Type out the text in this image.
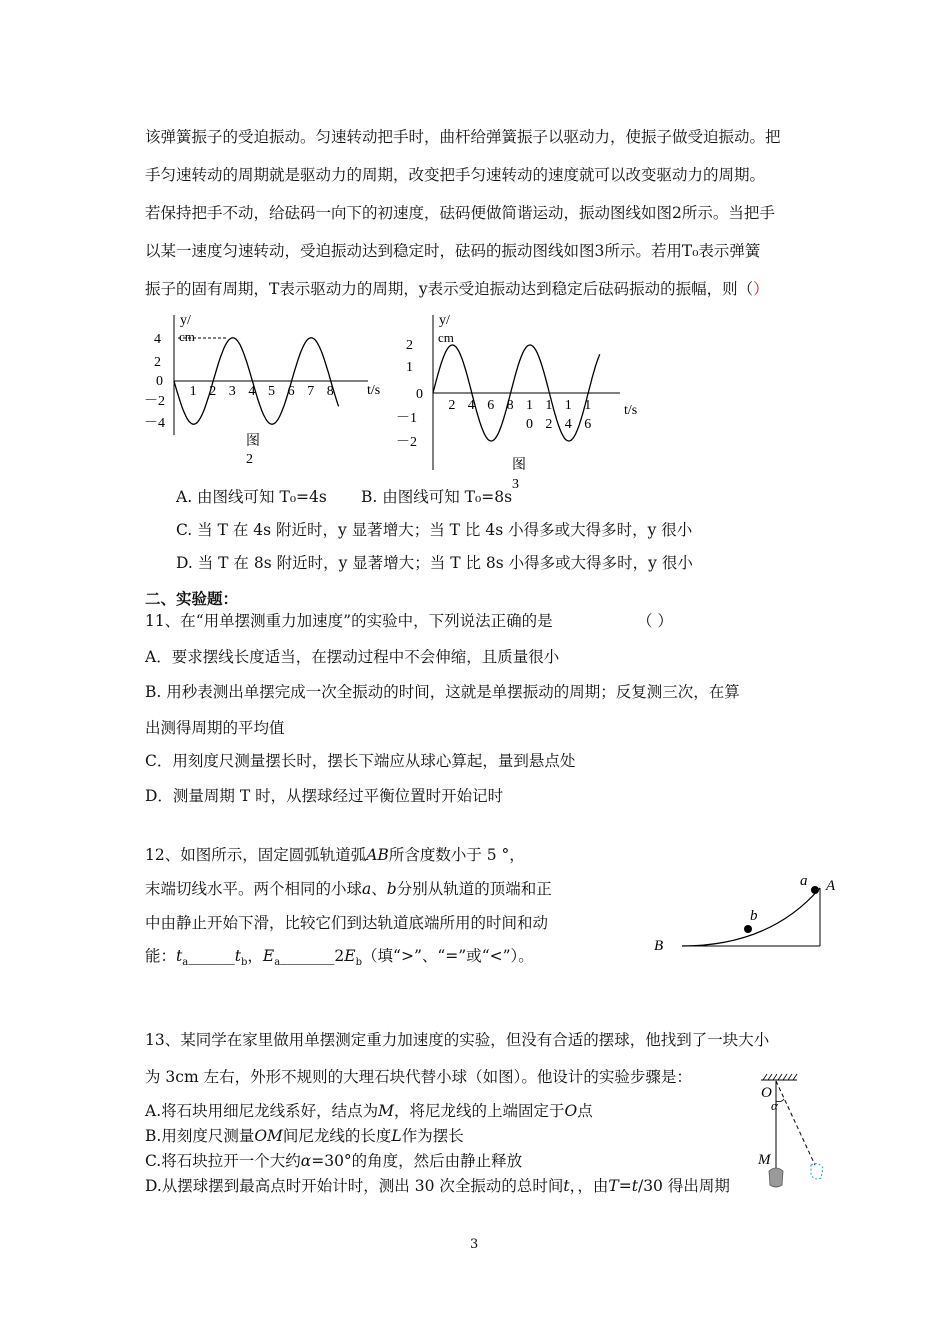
该弹簧振子的受迫振动。匀速转动把手时，曲杆给弹簧振子以驱动力，使振子做受迫振动。把
手匀速转动的周期就是驱动力的周期，改变把手匀速转动的速度就可以改变驱动力的周期。
若保持把手不动，给砝码一向下的初速度，砝码便做简谐运动，振动图线如图2所示。当把手
以某一速度匀速转动，受迫振动达到稳定时，砝码的振动图线如图3所示。若用T₀表示弹簧
振子的固有周期，T表示驱动力的周期，y表示受迫振动达到稳定后砝码振动的振幅，则（）
y/
cm
t/s
0
4
2
－2
－4
1 2 3 4 5 6 7 8
图
2
y/
cm
t/s
0
2
1
－1
－2
2 4 6 8 1 1 1 1
0 2 4 6
图
3
A. 由图线可知 T₀=4s B. 由图线可知 T₀=8s
C. 当 T 在 4s 附近时，y 显著增大；当 T 比 4s 小得多或大得多时，y 很小
D. 当 T 在 8s 附近时，y 显著增大；当 T 比 8s 小得多或大得多时，y 很小
二、实验题：
11、在“用单摆测重力加速度”的实验中，下列说法正确的是	（ ）
A．要求摆线长度适当，在摆动过程中不会伸缩，且质量很小
B. 用秒表测出单摆完成一次全振动的时间，这就是单摆振动的周期；反复测三次，在算
出测得周期的平均值
C．用刻度尺测量摆长时，摆长下端应从球心算起，量到悬点处
D．测量周期 T 时，从摆球经过平衡位置时开始记时
12、如图所示，固定圆弧轨道弧AB所含度数小于 5 °，
末端切线水平。两个相同的小球a、b分别从轨道的顶端和正
中由静止开始下滑，比较它们到达轨道底端所用的时间和动
能：$t_a\_\_\_\_\_\_t_b$，$E_a\_\_\_\_\_\_\_2E_b$（填“>”、“=”或“<”）。
a A
b
B
13、某同学在家里做用单摆测定重力加速度的实验，但没有合适的摆球，他找到了一块大小
为 3cm 左右，外形不规则的大理石块代替小球（如图）。他设计的实验步骤是：
A.将石块用细尼龙线系好，结点为M，将尼龙线的上端固定于O点
B.用刻度尺测量OM间尼龙线的长度L作为摆长
C.将石块拉开一个大约α=30°的角度，然后由静止释放
D.从摆球摆到最高点时开始计时，测出 30 次全振动的总时间t，，由T=t/30 得出周期
O
α
M
3
